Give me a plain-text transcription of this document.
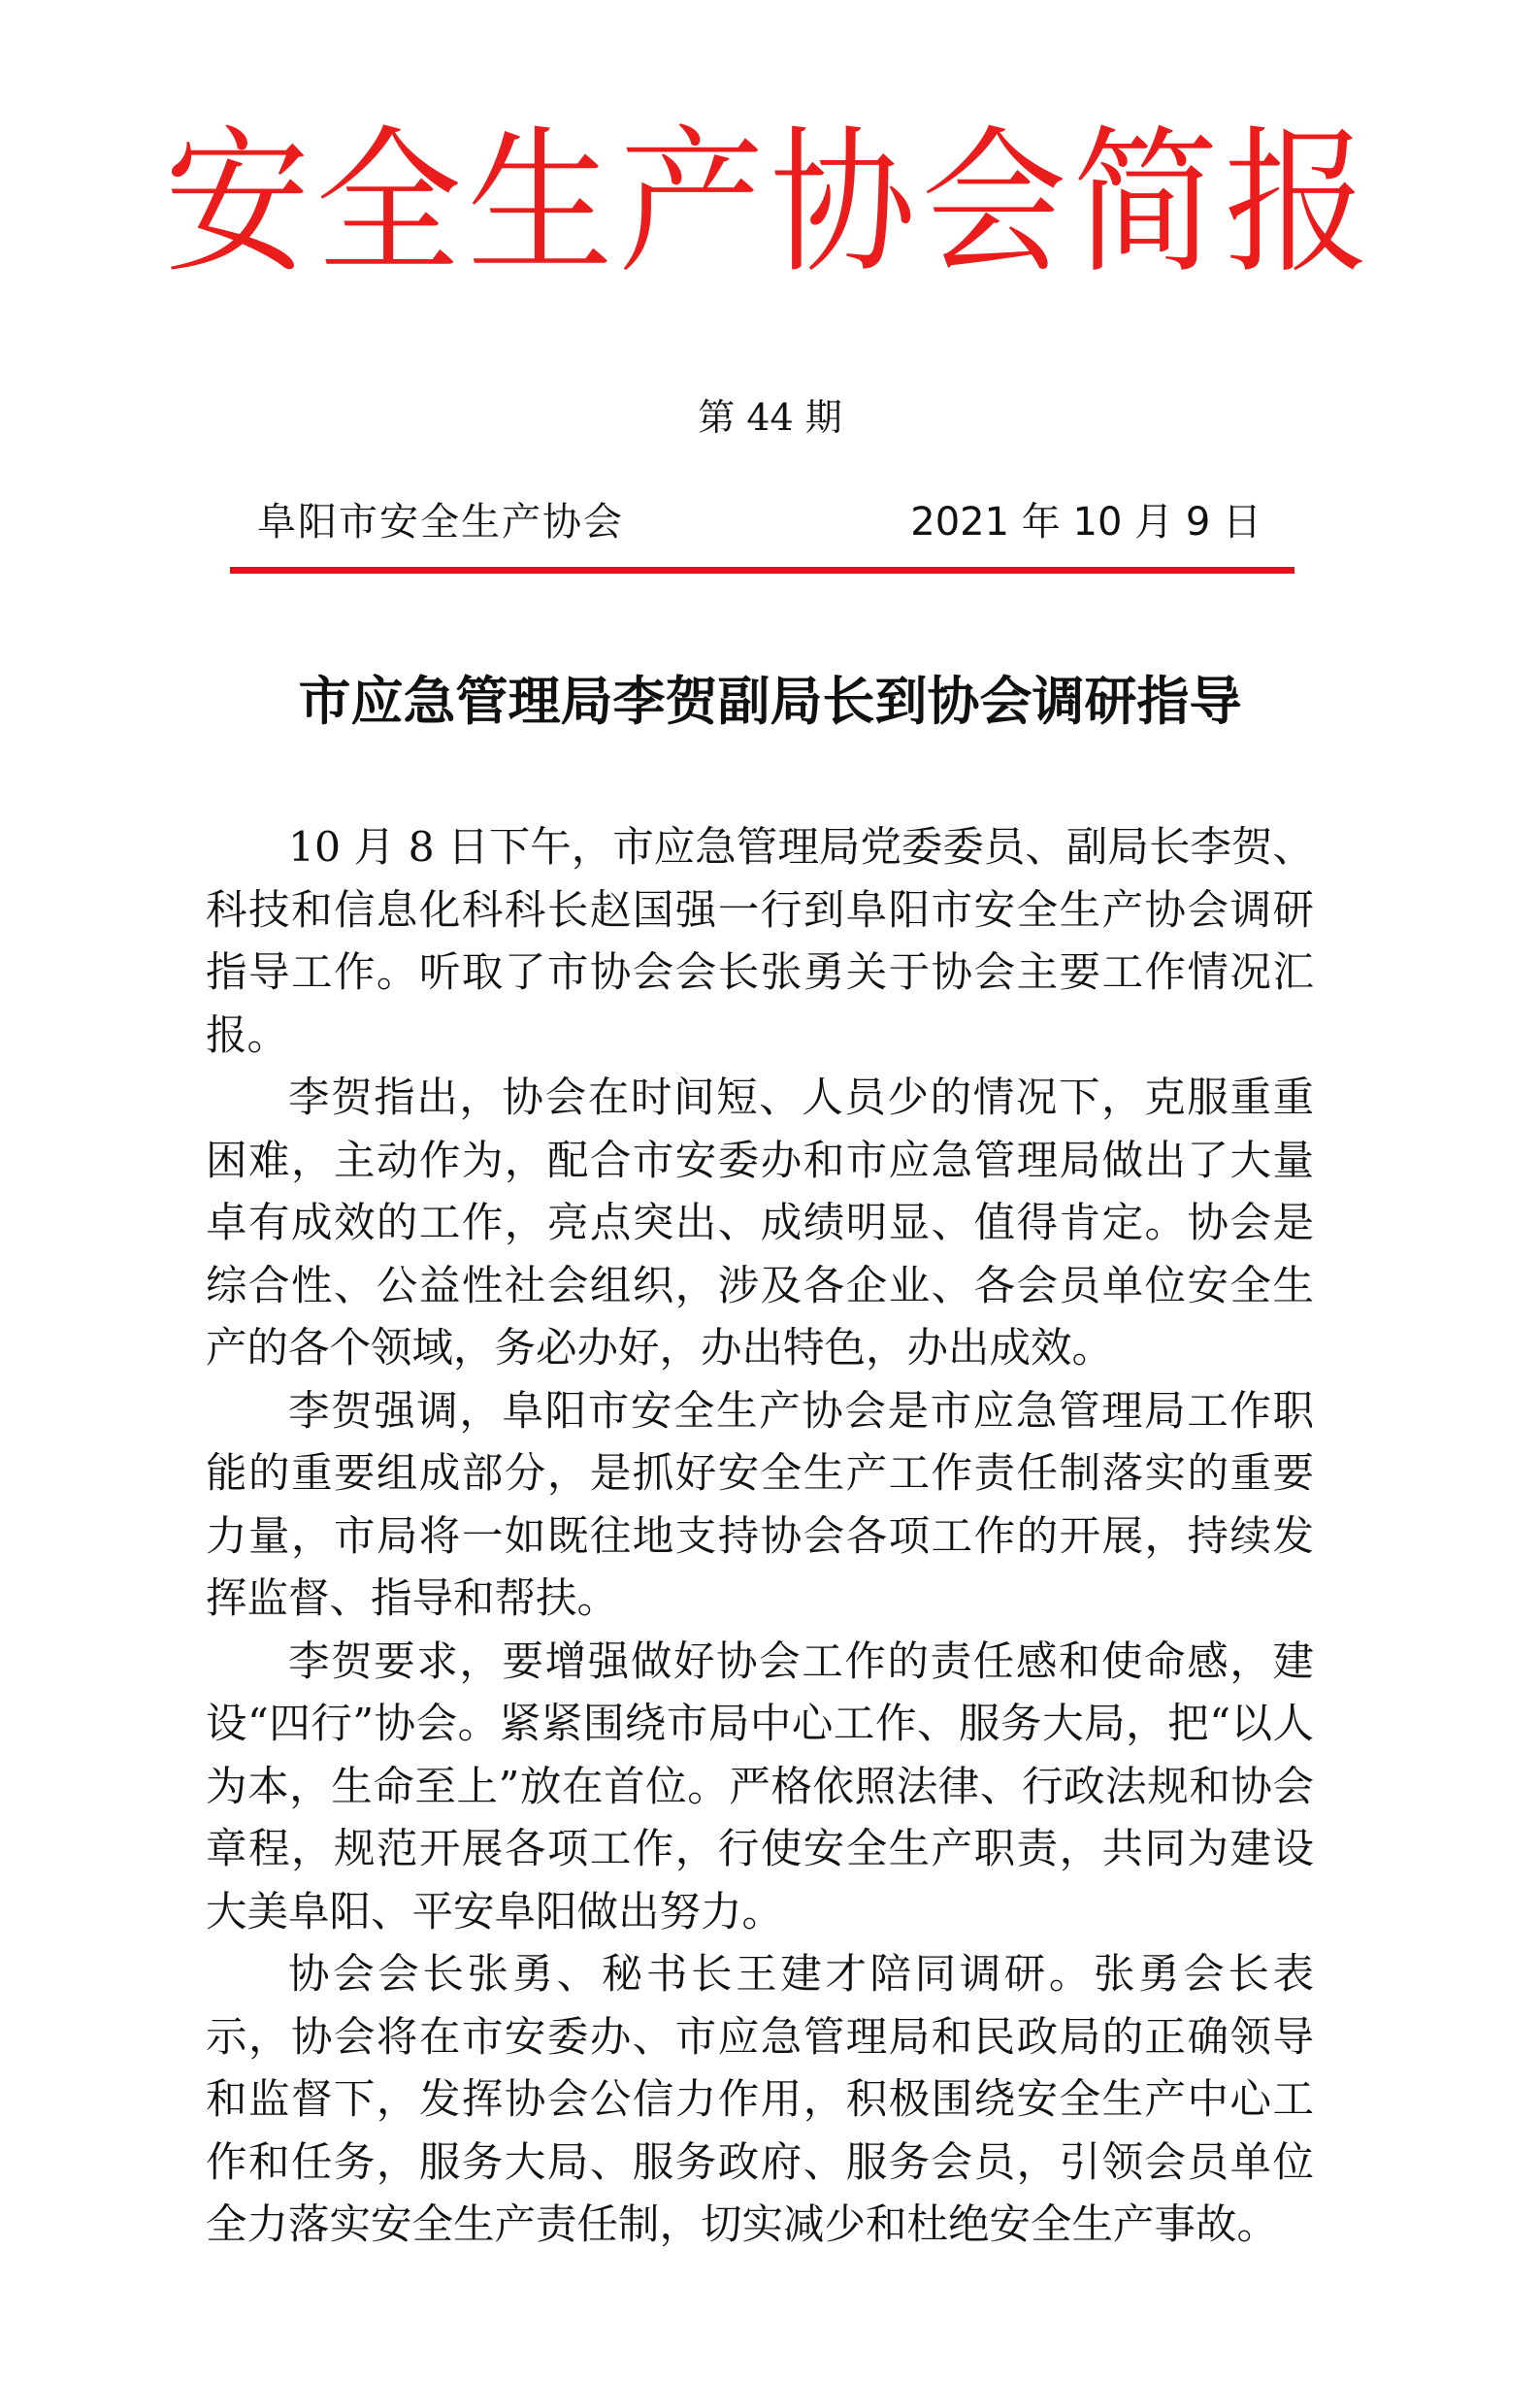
安全生产协会简报
第 44 期
阜阳市安全生产协会	2021 年 10 月 9 日
市应急管理局李贺副局长到协会调研指导

10 月 8 日下午，市应急管理局党委委员、副局长李贺、科技和信息化科科长赵国强一行到阜阳市安全生产协会调研指导工作。听取了市协会会长张勇关于协会主要工作情况汇报。

李贺指出，协会在时间短、人员少的情况下，克服重重困难，主动作为，配合市安委办和市应急管理局做出了大量卓有成效的工作，亮点突出、成绩明显、值得肯定。协会是综合性、公益性社会组织，涉及各企业、各会员单位安全生产的各个领域，务必办好，办出特色，办出成效。

李贺强调，阜阳市安全生产协会是市应急管理局工作职能的重要组成部分，是抓好安全生产工作责任制落实的重要力量，市局将一如既往地支持协会各项工作的开展，持续发挥监督、指导和帮扶。

李贺要求，要增强做好协会工作的责任感和使命感，建设“四行”协会。紧紧围绕市局中心工作、服务大局，把“以人为本，生命至上”放在首位。严格依照法律、行政法规和协会章程，规范开展各项工作，行使安全生产职责，共同为建设大美阜阳、平安阜阳做出努力。

协会会长张勇、秘书长王建才陪同调研。张勇会长表示，协会将在市安委办、市应急管理局和民政局的正确领导和监督下，发挥协会公信力作用，积极围绕安全生产中心工作和任务，服务大局、服务政府、服务会员，引领会员单位全力落实安全生产责任制，切实减少和杜绝安全生产事故。
